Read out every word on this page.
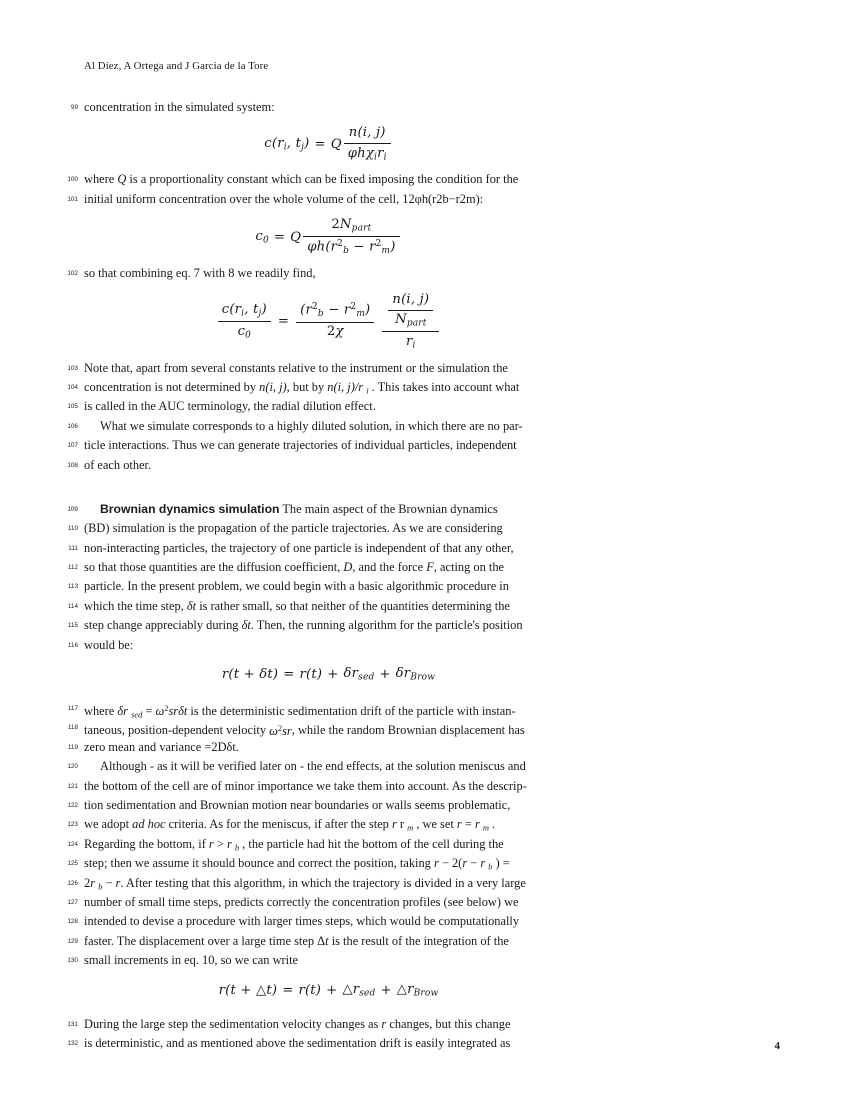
Al Díez, A Ortega and J Garcia de la Tore
99 concentration in the simulated system:
$c(r_i$, $t_j) = Q \frac{n(i, j)}{\varphi h\chi_ir_i}$
100 where Q is a proportionality constant which can be fixed imposing the condition for the
101 initial uniform concentration over the whole volume of the cell, 12φh(r2b−r2m):
$c_0 = Q \frac{2N_{part}}{\varphi h(r^2_b - r^2_m)}$
102 so that combining eq. 7 with 8 we readily find,
$\frac{c(r_i, t_j)}{c_0} = \frac{(r^2_b - r^2_m)}{2\chi} \frac{\frac{n(i, j)}{N_{part}}}{r_i}$
103 Note that, apart from several constants relative to the instrument or the simulation the
104 concentration is not determined by n(i, j), but by n(i, j)/r $_i$ . This takes into account what
105 is called in the AUC terminology, the radial dilution effect.
106	What we simulate corresponds to a highly diluted solution, in which there are no par-
107 ticle interactions. Thus we can generate trajectories of individual particles, independent
108 of each other.
109	Brownian dynamics simulation The main aspect of the Brownian dynamics
110 (BD) simulation is the propagation of the particle trajectories. As we are considering
111 non-interacting particles, the trajectory of one particle is independent of that any other,
112 so that those quantities are the diffusion coefficient, D, and the force F, acting on the
113 particle. In the present problem, we could begin with a basic algorithmic procedure in
114 which the time step, δt is rather small, so that neither of the quantities determining the
115 step change appreciably during δt. Then, the running algorithm for the particle's position
116 would be:
$r(t + \delta t) = r(t) + \delta r_{sed} + \delta r_{Brow}$
117 where δr $_{sed} = \omega^2sr\delta t$ is the deterministic sedimentation drift of the particle with instan-
118 taneous, position-dependent velocity $\omega^2sr$, while the random Brownian displacement has
119 zero mean and variance =2Dδt.
120	Although - as it will be verified later on - the end effects, at the solution meniscus and
121 the bottom of the cell are of minor importance we take them into account. As the descrip-
122 tion sedimentation and Brownian motion near boundaries or walls seems problematic,
123 we adopt ad hoc criteria. As for the meniscus, if after the step r r $_m$ , we set r = r $_m$ .
124 Regarding the bottom, if r > r $_b$ , the particle had hit the bottom of the cell during the
125 step; then we assume it should bounce and correct the position, taking r − 2(r − r $_b$ ) =
126 2r $_b$ − r. After testing that this algorithm, in which the trajectory is divided in a very large
127 number of small time steps, predicts correctly the concentration profiles (see below) we
128 intended to devise a procedure with larger times steps, which would be computationally
129 faster. The displacement over a large time step Δt is the result of the integration of the
130 small increments in eq. 10, so we can write
r(t + △t) = $r(t) + \triangle r_{sed}$ + $\triangle r_{Brow}$
131 During the large step the sedimentation velocity changes as r changes, but this change
132 is deterministic, and as mentioned above the sedimentation drift is easily integrated as	4
